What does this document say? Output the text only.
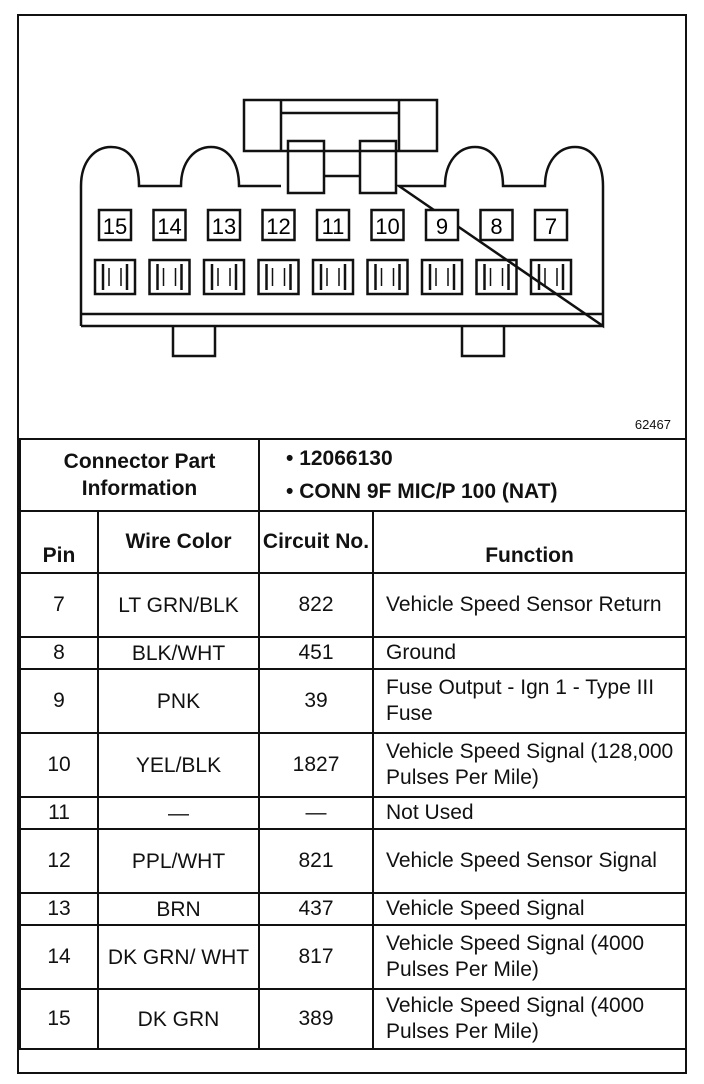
15 14 13 12 11 10 9 8 7
62467
Connector Part Information		• 12066130
• CONN 9F MIC/P 100 (NAT)	

Pin	Wire Color	Circuit No.	Function
7	LT GRN/BLK	822	Vehicle Speed Sensor Return
8	BLK/WHT	451	Ground
9	PNK	39	Fuse Output - Ign 1 - Type III Fuse
10	YEL/BLK	1827	Vehicle Speed Signal (128,000 Pulses Per Mile)
11	—	—	Not Used
12	PPL/WHT	821	Vehicle Speed Sensor Signal
13	BRN	437	Vehicle Speed Signal
14	DK GRN/ WHT	817	Vehicle Speed Signal (4000 Pulses Per Mile)
15	DK GRN	389	Vehicle Speed Signal (4000 Pulses Per Mile)
